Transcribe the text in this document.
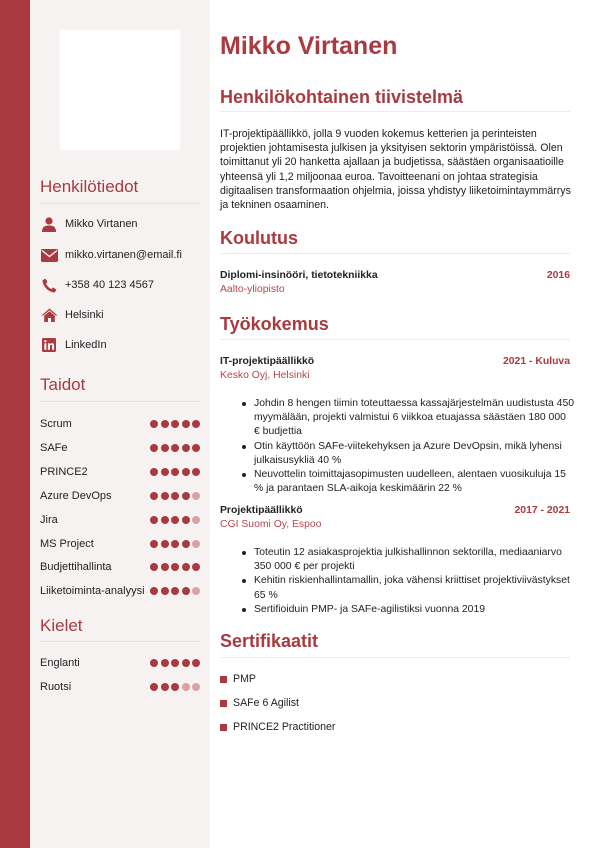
Henkilötiedot
Mikko Virtanen
mikko.virtanen@email.fi
+358 40 123 4567
Helsinki
LinkedIn
Taidot
Scrum
SAFe
PRINCE2
Azure DevOps
Jira
MS Project
Budjettihallinta
Liiketoiminta-analyysi
Kielet
Englanti
Ruotsi
Mikko Virtanen
Henkilökohtainen tiivistelmä

IT-projektipäällikkö, jolla 9 vuoden kokemus ketterien ja perinteisten projektien johtamisesta julkisen ja yksityisen sektorin ympäristöissä. Olen toimittanut yli 20 hanketta ajallaan ja budjetissa, säästäen organisaatioille yhteensä yli 1,2 miljoonaa euroa. Tavoitteenani on johtaa strategisia digitaalisen transformaation ohjelmia, joissa yhdistyy liiketoimintaymmärrys ja tekninen osaaminen.

Koulutus
Diplomi-insinööri, tietotekniikka	2016
Aalto-yliopisto
Työkokemus
IT-projektipäällikkö	2021 - Kuluva
Kesko Oyj, Helsinki
Johdin 8 hengen tiimin toteuttaessa kassajärjestelmän uudistusta 450 myymälään, projekti valmistui 6 viikkoa etuajassa säästäen 180 000 € budjettia
Otin käyttöön SAFe-viitekehyksen ja Azure DevOpsin, mikä lyhensi julkaisusykliä 40 %
Neuvottelin toimittajasopimusten uudelleen, alentaen vuosikuluja 15 % ja parantaen SLA-aikoja keskimäärin 22 %
Projektipäällikkö	2017 - 2021
CGI Suomi Oy, Espoo
Toteutin 12 asiakasprojektia julkishallinnon sektorilla, mediaaniarvo 350 000 € per projekti
Kehitin riskienhallintamallin, joka vähensi kriittiset projektiviivästykset 65 %
Sertifioiduin PMP- ja SAFe-agilistiksi vuonna 2019
Sertifikaatit
PMP
SAFe 6 Agilist
PRINCE2 Practitioner
